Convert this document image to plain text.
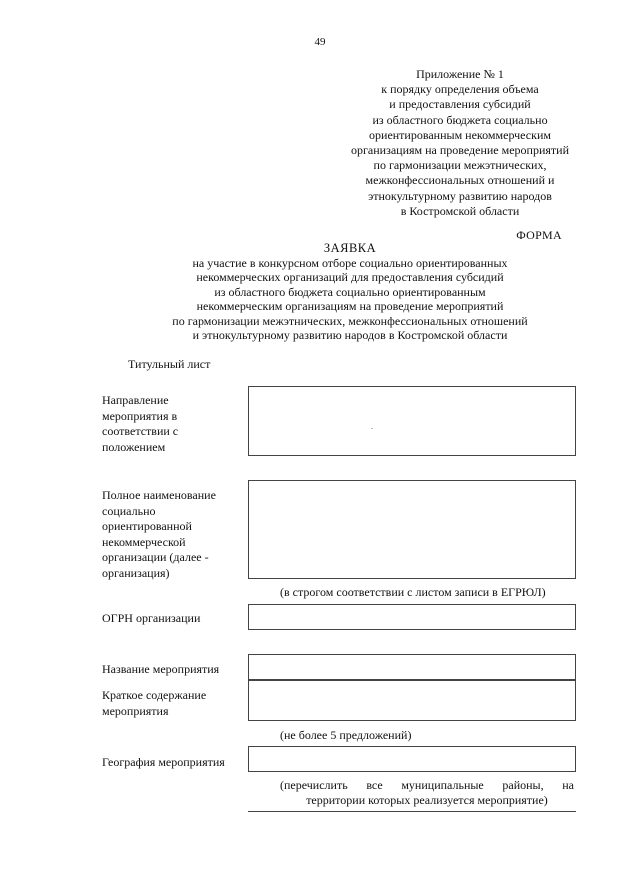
49
Приложение № 1
к порядку определения объема
и предоставления субсидий
из областного бюджета социально
ориентированным некоммерческим
организациям на проведение мероприятий
по гармонизации межэтнических,
межконфессиональных отношений и
этнокультурному развитию народов
в Костромской области
ФОРМА
ЗАЯВКА
на участие в конкурсном отборе социально ориентированных
некоммерческих организаций для предоставления субсидий
из областного бюджета социально ориентированным
некоммерческим организациям на проведение мероприятий
по гармонизации межэтнических, межконфессиональных отношений
и этнокультурному развитию народов в Костромской области
Титульный лист
Направление
мероприятия в
соответствии с
положением
Полное наименование
социально
ориентированной
некоммерческой
организации (далее -
организация)
(в строгом соответствии с листом записи в ЕГРЮЛ)
ОГРН организации
Название мероприятия
Краткое содержание
мероприятия
(не более 5 предложений)
География мероприятия
(перечислить все муниципальные районы, на
территории которых реализуется мероприятие)
